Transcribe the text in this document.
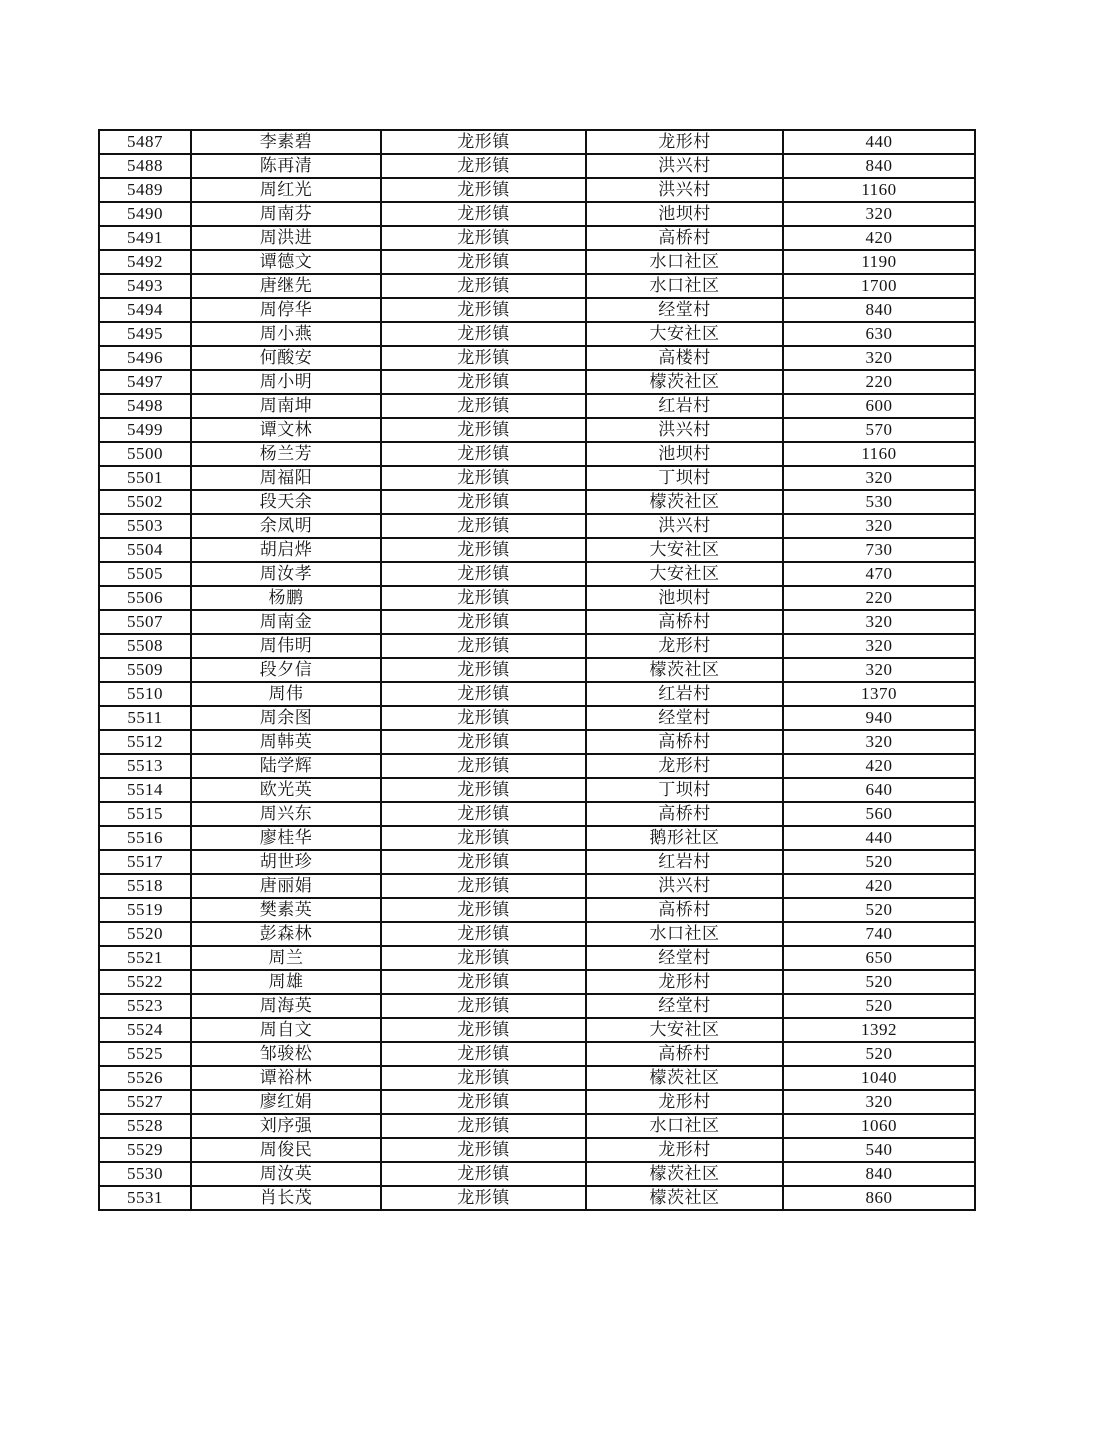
5487	李素碧	龙形镇	龙形村	440
5488	陈再清	龙形镇	洪兴村	840
5489	周红光	龙形镇	洪兴村	1160
5490	周南芬	龙形镇	池坝村	320
5491	周洪进	龙形镇	高桥村	420
5492	谭德文	龙形镇	水口社区	1190
5493	唐继先	龙形镇	水口社区	1700
5494	周停华	龙形镇	经堂村	840
5495	周小燕	龙形镇	大安社区	630
5496	何酸安	龙形镇	高楼村	320
5497	周小明	龙形镇	檬茨社区	220
5498	周南坤	龙形镇	红岩村	600
5499	谭文林	龙形镇	洪兴村	570
5500	杨兰芳	龙形镇	池坝村	1160
5501	周福阳	龙形镇	丁坝村	320
5502	段天余	龙形镇	檬茨社区	530
5503	余凤明	龙形镇	洪兴村	320
5504	胡启烨	龙形镇	大安社区	730
5505	周汝孝	龙形镇	大安社区	470
5506	杨鹏	龙形镇	池坝村	220
5507	周南金	龙形镇	高桥村	320
5508	周伟明	龙形镇	龙形村	320
5509	段夕信	龙形镇	檬茨社区	320
5510	周伟	龙形镇	红岩村	1370
5511	周余图	龙形镇	经堂村	940
5512	周韩英	龙形镇	高桥村	320
5513	陆学辉	龙形镇	龙形村	420
5514	欧光英	龙形镇	丁坝村	640
5515	周兴东	龙形镇	高桥村	560
5516	廖桂华	龙形镇	鹅形社区	440
5517	胡世珍	龙形镇	红岩村	520
5518	唐丽娟	龙形镇	洪兴村	420
5519	樊素英	龙形镇	高桥村	520
5520	彭森林	龙形镇	水口社区	740
5521	周兰	龙形镇	经堂村	650
5522	周雄	龙形镇	龙形村	520
5523	周海英	龙形镇	经堂村	520
5524	周自文	龙形镇	大安社区	1392
5525	邹骏松	龙形镇	高桥村	520
5526	谭裕林	龙形镇	檬茨社区	1040
5527	廖红娟	龙形镇	龙形村	320
5528	刘序强	龙形镇	水口社区	1060
5529	周俊民	龙形镇	龙形村	540
5530	周汝英	龙形镇	檬茨社区	840
5531	肖长茂	龙形镇	檬茨社区	860
